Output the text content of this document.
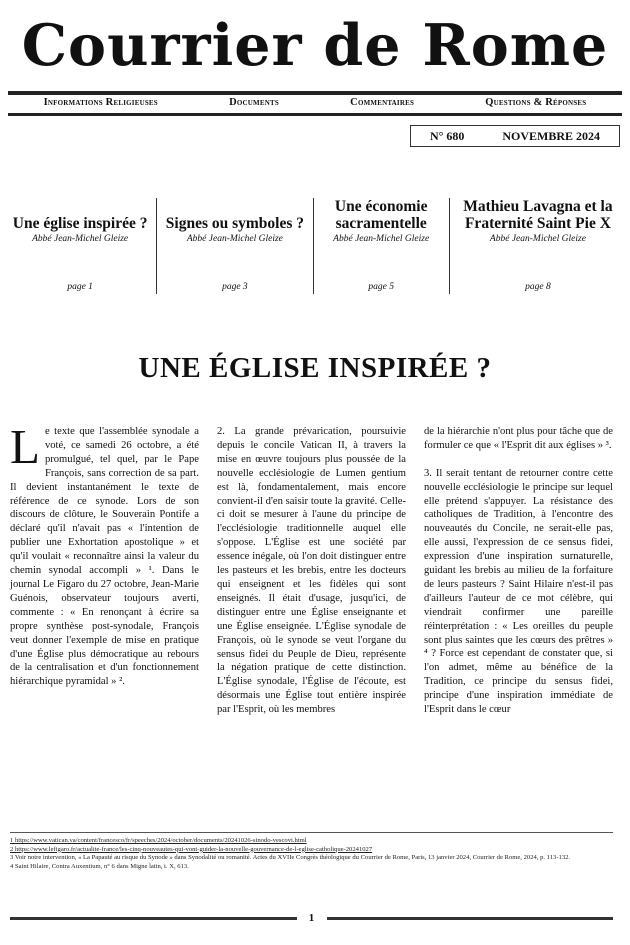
Courrier de Rome
Informations Religieuses	Documents	Commentaires	Questions & Réponses
N° 680	NOVEMBRE 2024
Une église inspirée ?
Abbé Jean-Michel Gleize
page 1
Signes ou symboles ?
Abbé Jean-Michel Gleize
page 3
Une économie sacramentelle
Abbé Jean-Michel Gleize
page 5
Mathieu Lavagna et la Fraternité Saint Pie X
Abbé Jean-Michel Gleize
page 8
UNE ÉGLISE INSPIRÉE ?

Le texte que l'assemblée synodale a voté, ce samedi 26 octobre, a été promulgué, tel quel, par le Pape François, sans correction de sa part. Il devient instantanément le texte de référence de ce synode. Lors de son discours de clôture, le Souverain Pontife a déclaré qu'il n'avait pas « l'intention de publier une Exhortation apostolique » et qu'il voulait « reconnaître ainsi la valeur du chemin synodal accompli » ¹. Dans le journal Le Figaro du 27 octobre, Jean-Marie Guénois, observateur toujours averti, commente : « En renonçant à écrire sa propre synthèse post-synodale, François veut donner l'exemple de mise en pratique d'une Église plus démocratique au rebours de la centralisation et d'un fonctionnement hiérarchique pyramidal » ².

2. La grande prévarication, poursuivie depuis le concile Vatican II, à travers la mise en œuvre toujours plus poussée de la nouvelle ecclésiologie de Lumen gentium est là, fondamentalement, mais encore convient-il d'en saisir toute la gravité. Celle-ci doit se mesurer à l'aune du principe de l'ecclésiologie traditionnelle auquel elle s'oppose. L'Église est une société par essence inégale, où l'on doit distinguer entre les pasteurs et les brebis, entre les docteurs qui enseignent et les fidèles qui sont enseignés. Il était d'usage, jusqu'ici, de distinguer entre une Église enseignante et une Église enseignée. L'Église synodale de François, où le synode se veut l'organe du sensus fidei du Peuple de Dieu, représente la négation pratique de cette distinction. L'Église synodale, l'Église de l'écoute, est désormais une Église tout entière inspirée par l'Esprit, où les membres

de la hiérarchie n'ont plus pour tâche que de formuler ce que « l'Esprit dit aux églises » ³.

3. Il serait tentant de retourner contre cette nouvelle ecclésiologie le principe sur lequel elle prétend s'appuyer. La résistance des catholiques de Tradition, à l'encontre des nouveautés du Concile, ne serait-elle pas, elle aussi, l'expression de ce sensus fidei, expression d'une inspiration surnaturelle, guidant les brebis au milieu de la forfaiture de leurs pasteurs ? Saint Hilaire n'est-il pas d'ailleurs l'auteur de ce mot célèbre, qui viendrait confirmer une pareille réinterprétation : « Les oreilles du peuple sont plus saintes que les cœurs des prêtres » ⁴ ? Force est cependant de constater que, si l'on admet, même au bénéfice de la Tradition, ce principe du sensus fidei, principe d'une inspiration immédiate de l'Esprit dans le cœur

1 https://www.vatican.va/content/francesco/fr/speeches/2024/october/documents/20241026-sinodo-vescovi.html
2 https://www.lefigaro.fr/actualite-france/les-cinq-nouveautes-qui-vont-guider-la-nouvelle-gouvernance-de-l-eglise-catholique-20241027
3 Voir notre intervention, « La Papauté au risque du Synode » dans Synodalité ou romanité. Actes du XVIIe Congrès théologique du Courrier de Rome, Paris, 13 janvier 2024, Courrier de Rome, 2024, p. 113-132.
4 Saint Hilaire, Contra Auxentium, n° 6 dans Migne latin, t. X, 613.
1
